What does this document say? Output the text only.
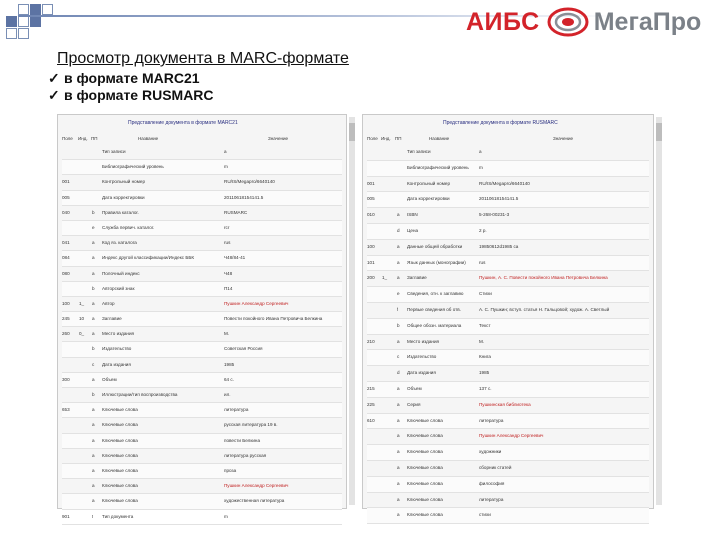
АИБС МегаПро
Просмотр документа в MARC-формате
✓ в формате MARC21
✓ в формате RUSMARC
Представление документа в формате MARC21
Поле Инд. ПП	Название	Значение
Тип записи	a
Библиографический уровень	m
001	Контрольный номер	RU/IS/Megapro/6640140
005	Дата корректировки	20110618154141.5
040	b Правила каталог.	RUSMARC
e Служба первич. каталог.	rcr
041	a Код яз. каталога	rus
084	a Индекс другой классификации/Индекс ББК	Ч48/84-41
080	a Полочный индекс	Ч48
b Авторский знак	П14
100 1_ a Автор	Пушкин Александр Сергеевич
245 10 a Заглавие	Повести покойного Ивана Петровича Белкина
260 0_ a Место издания	М.
b Издательство	Советская Россия
c Дата издания	1985
300	a Объем	64 с.
b Иллюстрации/тип воспроизводства	ил.
653	a Ключевые слова	литература
a Ключевые слова	русская литература 19 в.
a Ключевые слова	повести Белкина
a Ключевые слова	литература русская
a Ключевые слова	проза
a Ключевые слова	Пушкин Александр Сергеевич
a Ключевые слова	художественная литература
901	t Тип документа	m
Представление документа в формате RUSMARC
Поле Инд. ПП	Название	Значение
Тип записи	a
Библиографический уровень m
001	Контрольный номер	RU/IS/Megapro/6640140
005	Дата корректировки	20110618154141.5
010	a ISBN	5-268-00231-3
d Цена	2 р.
100	a Данные общей обработки	19850612d1985 ca
101	a Язык данных (монографии)	rus
200 1_ a Заглавие	Пушкин, А. С. Повести покойного Ивана Петровича Белкина
e Сведения, отн. к заглавию	Стихи
f Первые сведения об отв.	А. С. Пушкин; вступ. статья Н. Гальцовой; худож. А. Светлый
b Общее обозн. материала	Текст
210	a Место издания	М.
c Издательство	Книга
d Дата издания	1985
215	a Объем	137 с.
225	a Серия	Пушкинская библиотека
610	a Ключевые слова	литература
a Ключевые слова	Пушкин Александр Сергеевич
a Ключевые слова	художники
a Ключевые слова	сборник статей
a Ключевые слова	философия
a Ключевые слова	литература
a Ключевые слова	стихи
